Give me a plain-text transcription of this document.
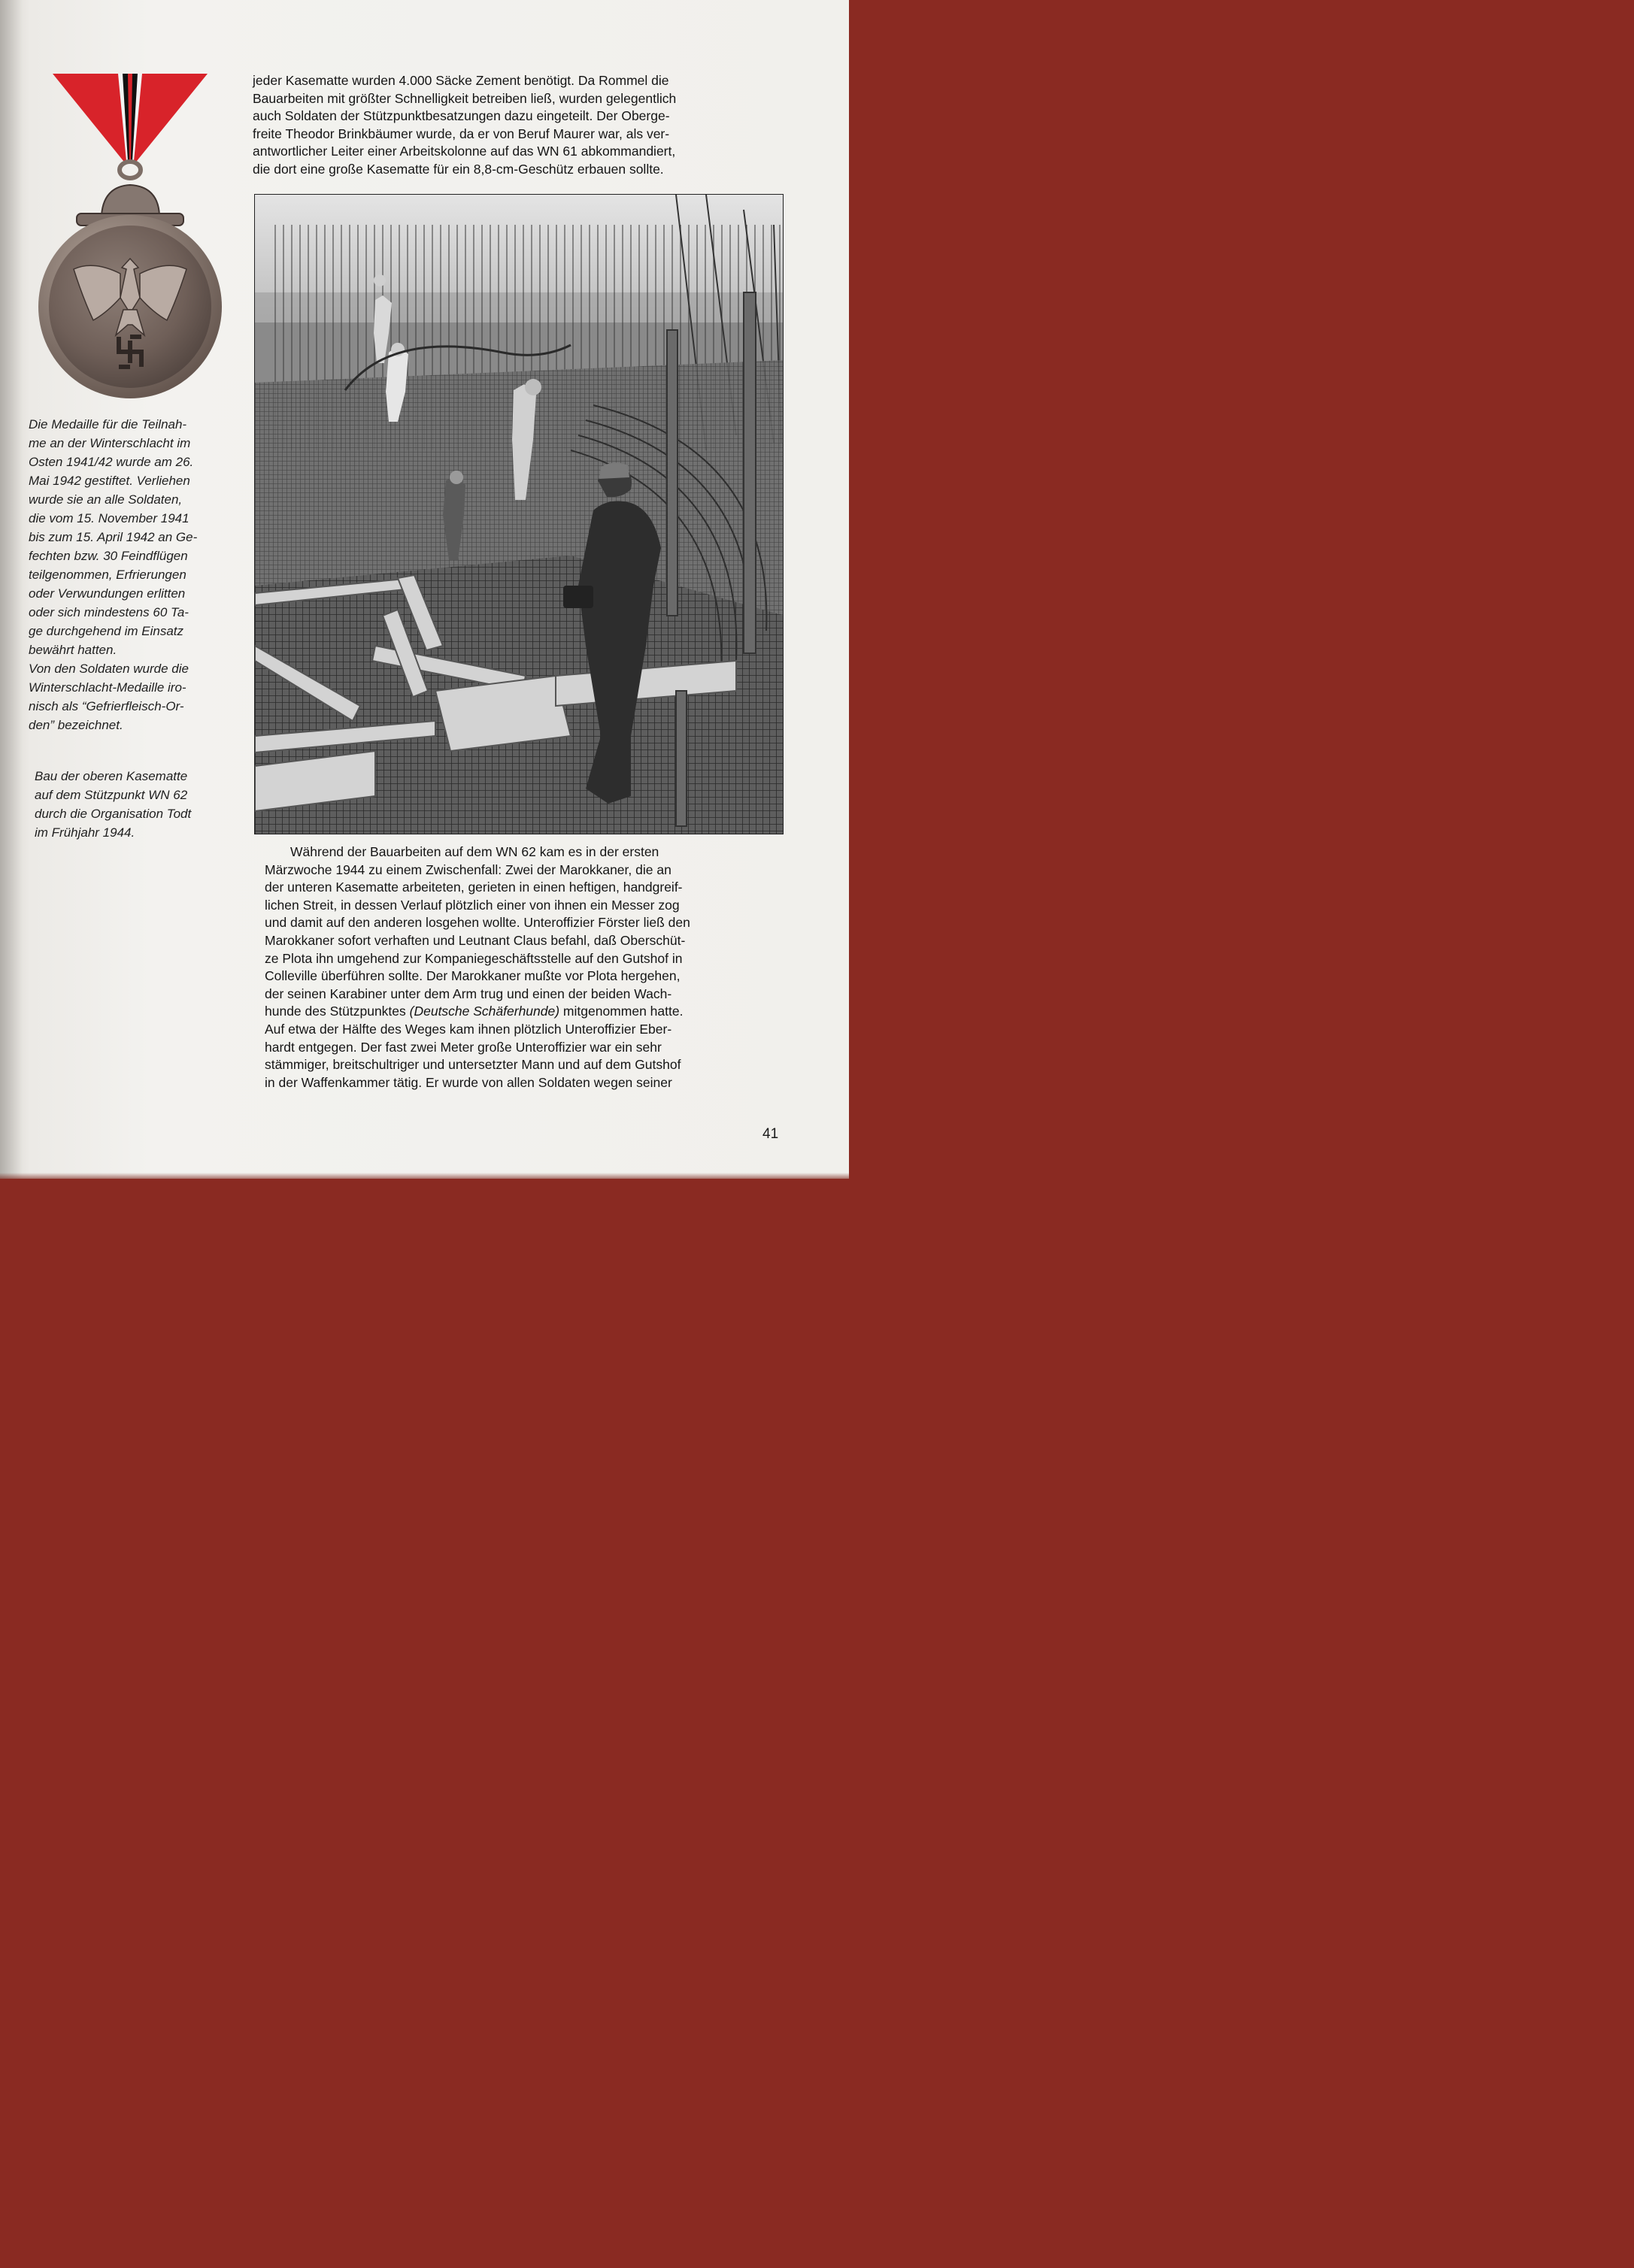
jeder Kasematte wurden 4.000 Säcke Zement benötigt. Da Rommel die
Bauarbeiten mit größter Schnelligkeit betreiben ließ, wurden gelegentlich
auch Soldaten der Stützpunktbesatzungen dazu eingeteilt. Der Oberge-
freite Theodor Brinkbäumer wurde, da er von Beruf Maurer war, als ver-
antwortlicher Leiter einer Arbeitskolonne auf das WN 61 abkommandiert,
die dort eine große Kasematte für ein 8,8-cm-Geschütz erbauen sollte.

Die Medaille für die Teilnah-
me an der Winterschlacht im
Osten 1941/42 wurde am 26.
Mai 1942 gestiftet. Verliehen
wurde sie an alle Soldaten,
die vom 15. November 1941
bis zum 15. April 1942 an Ge-
fechten bzw. 30 Feindflügen
teilgenommen, Erfrierungen
oder Verwundungen erlitten
oder sich mindestens 60 Ta-
ge durchgehend im Einsatz
bewährt hatten.
Von den Soldaten wurde die
Winterschlacht-Medaille iro-
nisch als “Gefrierfleisch-Or-
den” bezeichnet.

Bau der oberen Kasematte
auf dem Stützpunkt WN 62
durch die Organisation Todt
im Frühjahr 1944.

Während der Bauarbeiten auf dem WN 62 kam es in der ersten
Märzwoche 1944 zu einem Zwischenfall: Zwei der Marokkaner, die an
der unteren Kasematte arbeiteten, gerieten in einen heftigen, handgreif-
lichen Streit, in dessen Verlauf plötzlich einer von ihnen ein Messer zog
und damit auf den anderen losgehen wollte. Unteroffizier Förster ließ den
Marokkaner sofort verhaften und Leutnant Claus befahl, daß Oberschüt-
ze Plota ihn umgehend zur Kompaniegeschäftsstelle auf den Gutshof in
Colleville überführen sollte. Der Marokkaner mußte vor Plota hergehen,
der seinen Karabiner unter dem Arm trug und einen der beiden Wach-
hunde des Stützpunktes (Deutsche Schäferhunde) mitgenommen hatte.
Auf etwa der Hälfte des Weges kam ihnen plötzlich Unteroffizier Eber-
hardt entgegen. Der fast zwei Meter große Unteroffizier war ein sehr
stämmiger, breitschultriger und untersetzter Mann und auf dem Gutshof
in der Waffenkammer tätig. Er wurde von allen Soldaten wegen seiner

41
